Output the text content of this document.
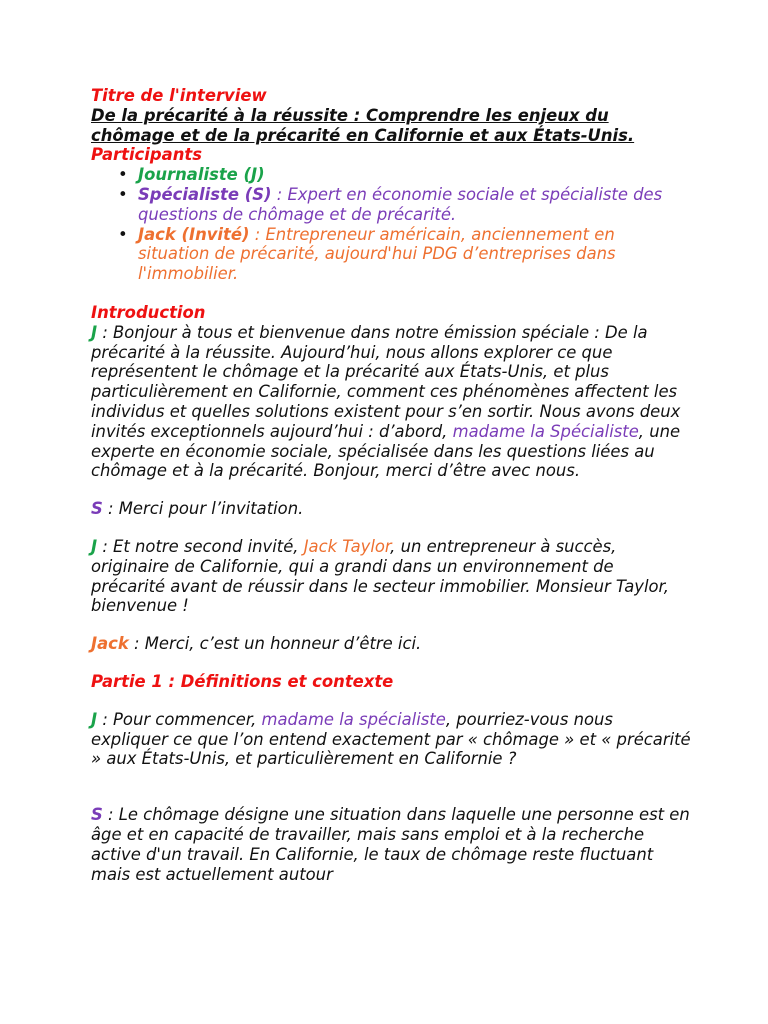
Titre de l'interview
De la précarité à la réussite : Comprendre les enjeux du chômage et de la précarité en Californie et aux États-Unis.
Participants
• Journaliste (J)
• Spécialiste (S) : Expert en économie sociale et spécialiste des questions de chômage et de précarité.
• Jack (Invité) : Entrepreneur américain, anciennement en situation de précarité, aujourd'hui PDG d’entreprises dans l'immobilier.
Introduction

J : Bonjour à tous et bienvenue dans notre émission spéciale : De la précarité à la réussite. Aujourd’hui, nous allons explorer ce que représentent le chômage et la précarité aux États-Unis, et plus particulièrement en Californie, comment ces phénomènes affectent les individus et quelles solutions existent pour s’en sortir. Nous avons deux invités exceptionnels aujourd’hui : d’abord, madame la Spécialiste, une experte en économie sociale, spécialisée dans les questions liées au chômage et à la précarité. Bonjour, merci d’être avec nous.

S : Merci pour l’invitation.

J : Et notre second invité, Jack Taylor, un entrepreneur à succès, originaire de Californie, qui a grandi dans un environnement de précarité avant de réussir dans le secteur immobilier. Monsieur Taylor, bienvenue !

Jack : Merci, c’est un honneur d’être ici.

Partie 1 : Définitions et contexte

J : Pour commencer, madame la spécialiste, pourriez-vous nous expliquer ce que l’on entend exactement par « chômage » et « précarité » aux États-Unis, et particulièrement en Californie ?

S : Le chômage désigne une situation dans laquelle une personne est en âge et en capacité de travailler, mais sans emploi et à la recherche active d'un travail. En Californie, le taux de chômage reste fluctuant mais est actuellement autour
